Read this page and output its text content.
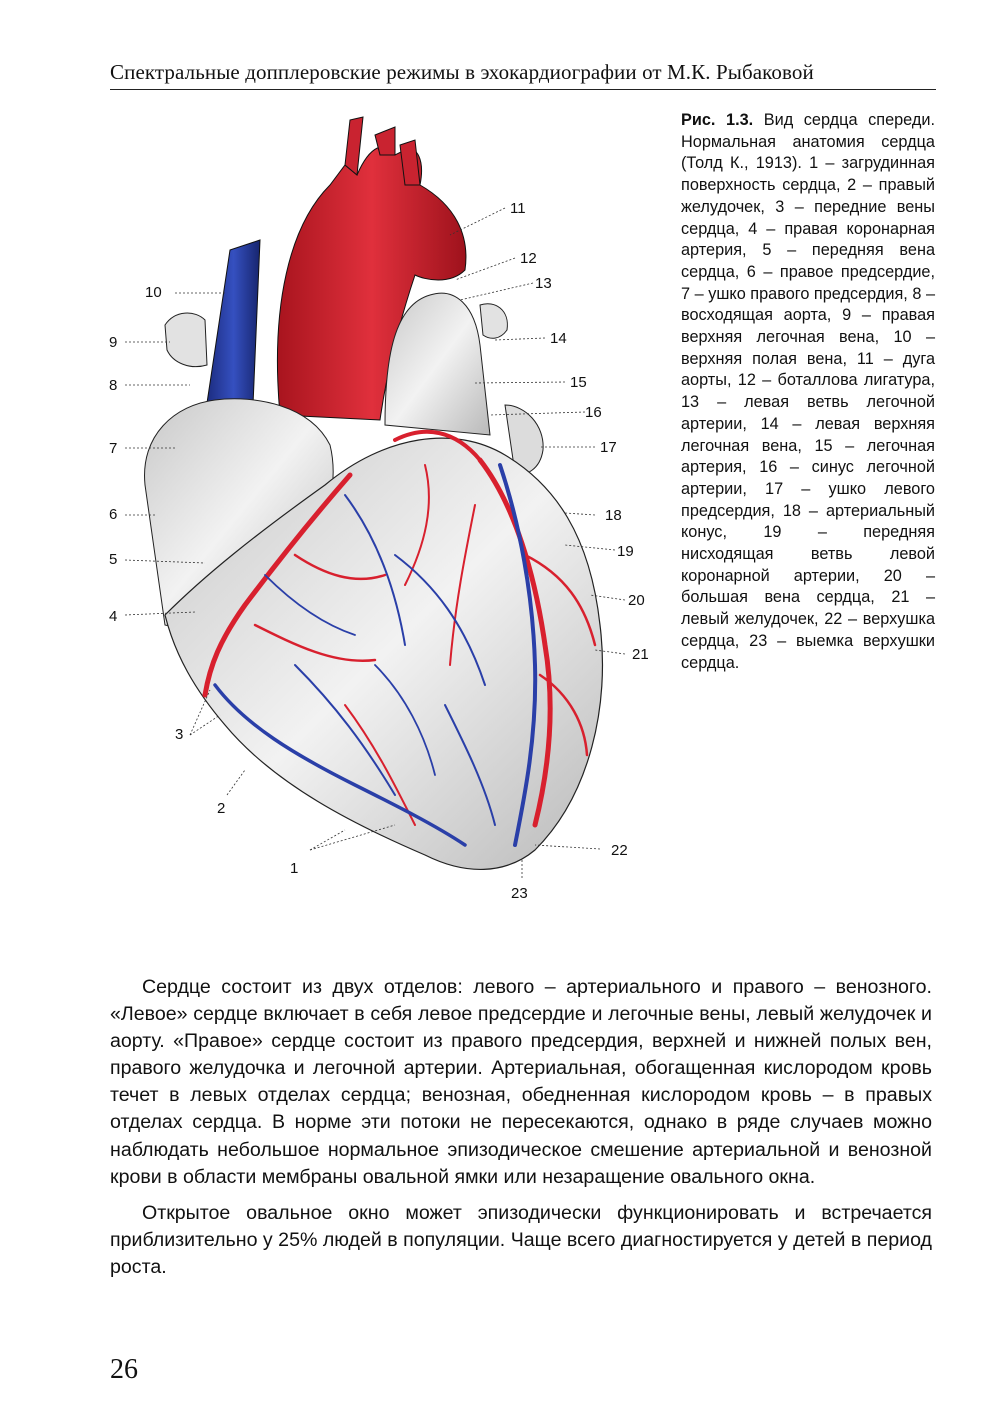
Спектральные допплеровские режимы в эхокардиографии от М.К. Рыбаковой
1
2
3
4
5
6
7
8
9
10
11
12
13
14
15
16
17
18
19
20
21
22
23
Рис. 1.3. Вид сердца спереди. Нормальная анатомия сердца (Толд К., 1913). 1 – загрудинная поверхность сердца, 2 – правый желудочек, 3 – передние вены сердца, 4 – правая коронарная артерия, 5 – передняя вена сердца, 6 – правое предсердие, 7 – ушко правого предсердия, 8 – восходящая аорта, 9 – правая верхняя легочная вена, 10 – верхняя полая вена, 11 – дуга аорты, 12 – боталлова лигатура, 13 – левая ветвь легочной артерии, 14 – левая верхняя легочная вена, 15 – легочная артерия, 16 – синус легочной артерии, 17 – ушко левого предсердия, 18 – артериальный конус, 19 – передняя нисходящая ветвь левой коронарной артерии, 20 – большая вена сердца, 21 – левый желудочек, 22 – верхушка сердца, 23 – выемка верхушки сердца.

Сердце состоит из двух отделов: левого – артериального и правого – венозного. «Левое» сердце включает в себя левое предсердие и легочные вены, левый желудочек и аорту. «Правое» сердце состоит из правого предсердия, верхней и нижней полых вен, правого желудочка и легочной артерии. Артериальная, обогащенная кислородом кровь течет в левых отделах сердца; венозная, обедненная кислородом кровь – в правых отделах сердца. В норме эти потоки не пересекаются, однако в ряде случаев можно наблюдать небольшое нормальное эпизодическое смешение артериальной и венозной крови в области мембраны овальной ямки или незаращение овального окна.

Открытое овальное окно может эпизодически функционировать и встречается приблизительно у 25% людей в популяции. Чаще всего диагностируется у детей в период роста.

26
